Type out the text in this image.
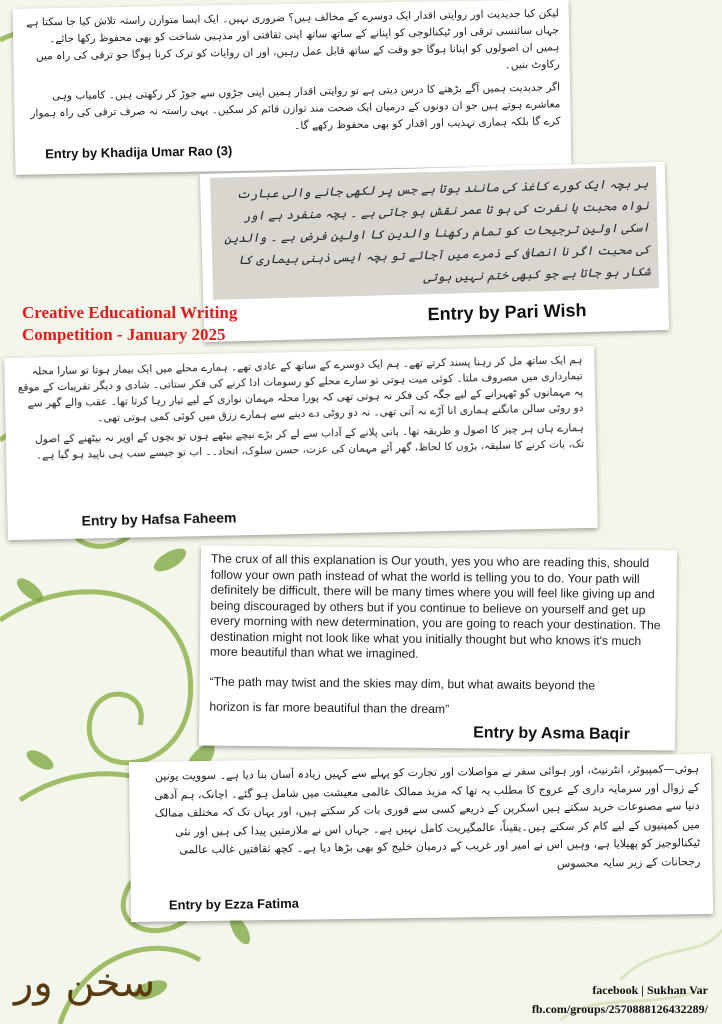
لیکن کیا جدیدیت اور روایتی اقدار ایک دوسرے کے مخالف ہیں؟ ضروری نہیں۔ ایک ایسا متوازن راستہ تلاش کیا جا سکتا ہے جہاں سائنسی ترقی اور ٹیکنالوجی کو اپنانے کے ساتھ ساتھ اپنی ثقافتی اور مذہبی شناخت کو بھی محفوظ رکھا جائے۔ ہمیں ان اصولوں کو اپنانا ہوگا جو وقت کے ساتھ قابل عمل رہیں، اور ان روایات کو ترک کرنا ہوگا جو ترقی کی راہ میں رکاوٹ بنیں۔

اگر جدیدیت ہمیں آگے بڑھنے کا درس دیتی ہے تو روایتی اقدار ہمیں اپنی جڑوں سے جوڑ کر رکھتی ہیں۔ کامیاب وہی معاشرے ہوتے ہیں جو ان دونوں کے درمیان ایک صحت مند توازن قائم کر سکیں۔ یہی راستہ نہ صرف ترقی کی راہ ہموار کرے گا بلکہ ہماری تہذیب اور اقدار کو بھی محفوظ رکھے گا۔

Entry by Khadija Umar Rao (3)

ہر بچہ ایک کورے کاغذ کی مانند ہوتا ہے جس پر لکھی جانے والی عبارت نواہ محبت یا نفرت کی ہو تا عمر نقش ہو جاتی ہے ۔ بچہ منفرد ہے اور اسکی اولین ترجیحات کو تمام رکھنا والدین کا اولین فرض ہے ۔ والدین کی محبت اگر نا انصافی کے ذمرے میں آجائے تو بچہ ایسی ذہنی بیماری کا شکار ہو جاتا ہے جو کبھی ختم نہیں ہوتی

Entry by Pari Wish
Creative Educational Writing
Competition - January 2025

ہم ایک ساتھ مل کر رہنا پسند کرتے تھے۔ ہم ایک دوسرے کے ساتھ کے عادی تھے۔ ہمارے محلے میں ایک بیمار ہوتا تو سارا محلہ تیمارداری میں مصروف ملتا۔ کوئی میت ہوتی تو سارے محلے کو رسومات ادا کرنے کی فکر ستاتی۔ شادی و دیگر تقریبات کے موقع پہ مہمانوں کو ٹھہرانے کے لیے جگہ کی فکر نہ ہوتی تھی کہ پورا محلہ مہمان نوازی کے لیے تیار رہا کرتا تھا۔ عقب والے گھر سے دو روٹی سالن مانگنے ہماری انا آڑے نہ آتی تھی۔ نہ دو روٹی دے دینے سے ہمارے رزق میں کوئی کمی ہوتی تھی۔

ہمارے ہاں ہر چیز کا اصول و طریقہ تھا۔ پانی پلانے کے آداب سے لے کر بڑے نیچے بیٹھے ہوں تو بچوں کے اوپر نہ بیٹھنے کے اصول تک، بات کرنے کا سلیقہ، بڑوں کا لحاظ، گھر آئے مہمان کی عزت، حسن سلوک، اتحاد۔۔ اب تو جیسے سب ہی ناپید ہو گیا ہے۔

Entry by Hafsa Faheem

The crux of all this explanation is Our youth, yes you who are reading this, should follow your own path instead of what the world is telling you to do. Your path will definitely be difficult, there will be many times where you will feel like giving up and being discouraged by others but if you continue to believe on yourself and get up every morning with new determination, you are going to reach your destination. The destination might not look like what you initially thought but who knows it's much more beautiful than what we imagined.

“The path may twist and the skies may dim, but what awaits beyond the

horizon is far more beautiful than the dream”

Entry by Asma Baqir

ہوئی—کمپیوٹر، انٹرنیٹ، اور ہوائی سفر نے مواصلات اور تجارت کو پہلے سے کہیں زیادہ آسان بنا دیا ہے۔ سوویت یونین کے زوال اور سرمایہ داری کے عروج کا مطلب یہ تھا کہ مزید ممالک عالمی معیشت میں شامل ہو گئے۔ اچانک، ہم آدھی دنیا سے مصنوعات خرید سکتے ہیں اسکرین کے ذریعے کسی سے فوری بات کر سکتے ہیں، اور یہاں تک کہ مختلف ممالک میں کمپنیوں کے لیے کام کر سکتے ہیں۔یقیناً، عالمگیریت کامل نہیں ہے۔ جہاں اس نے ملازمتیں پیدا کی ہیں اور نئی ٹیکنالوجیز کو پھیلایا ہے، وہیں اس نے امیر اور غریب کے درمیان خلیج کو بھی بڑھا دیا ہے۔ کچھ ثقافتیں غالب عالمی رجحانات کے زیر سایہ محسوس

Entry by Ezza Fatima
سخن ور	facebook | Sukhan Var
fb.com/groups/2570888126432289/
